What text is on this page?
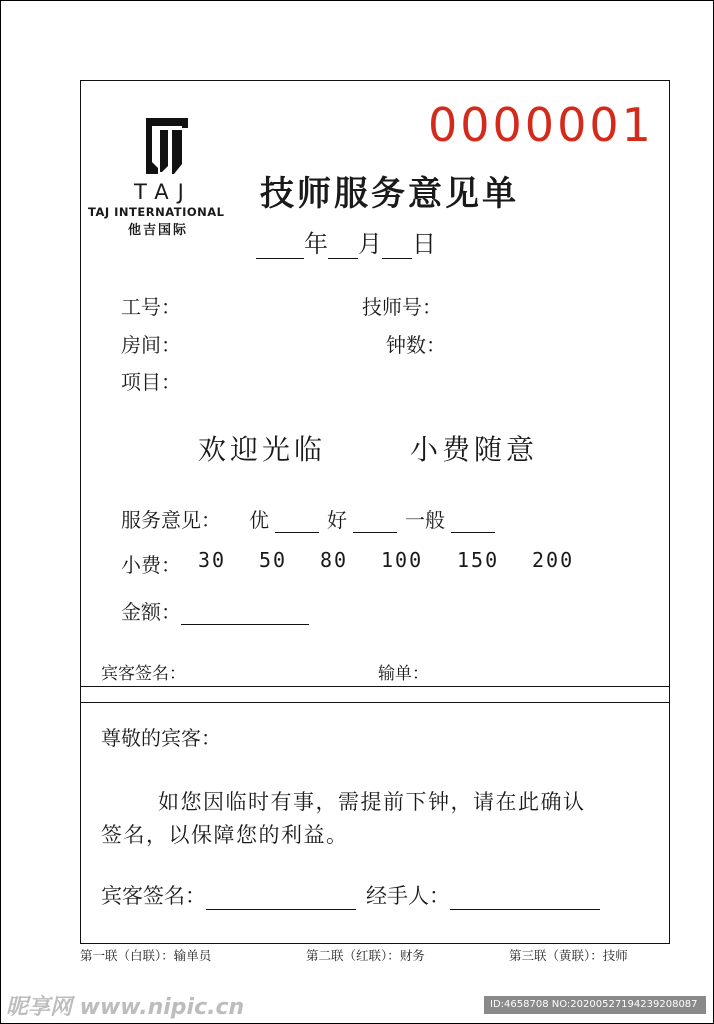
0000001
TAJ
TAJ INTERNATIONAL
他吉国际
技师服务意见单
年 月 日
工号：	技师号：
房间：	钟数：
项目：
欢迎光临	小费随意
服务意见： 优	好	一般
小费： 30 50 80 100 150 200
金额：
宾客签名：	输单：
尊敬的宾客：
如您因临时有事，需提前下钟，请在此确认
签名，以保障您的利益。
宾客签名：	经手人：
第一联（白联）：输单员	第二联（红联）：财务	第三联（黄联）：技师
昵享网 www.nipic.cn	ID:4658708 NO:20200527194239208087
